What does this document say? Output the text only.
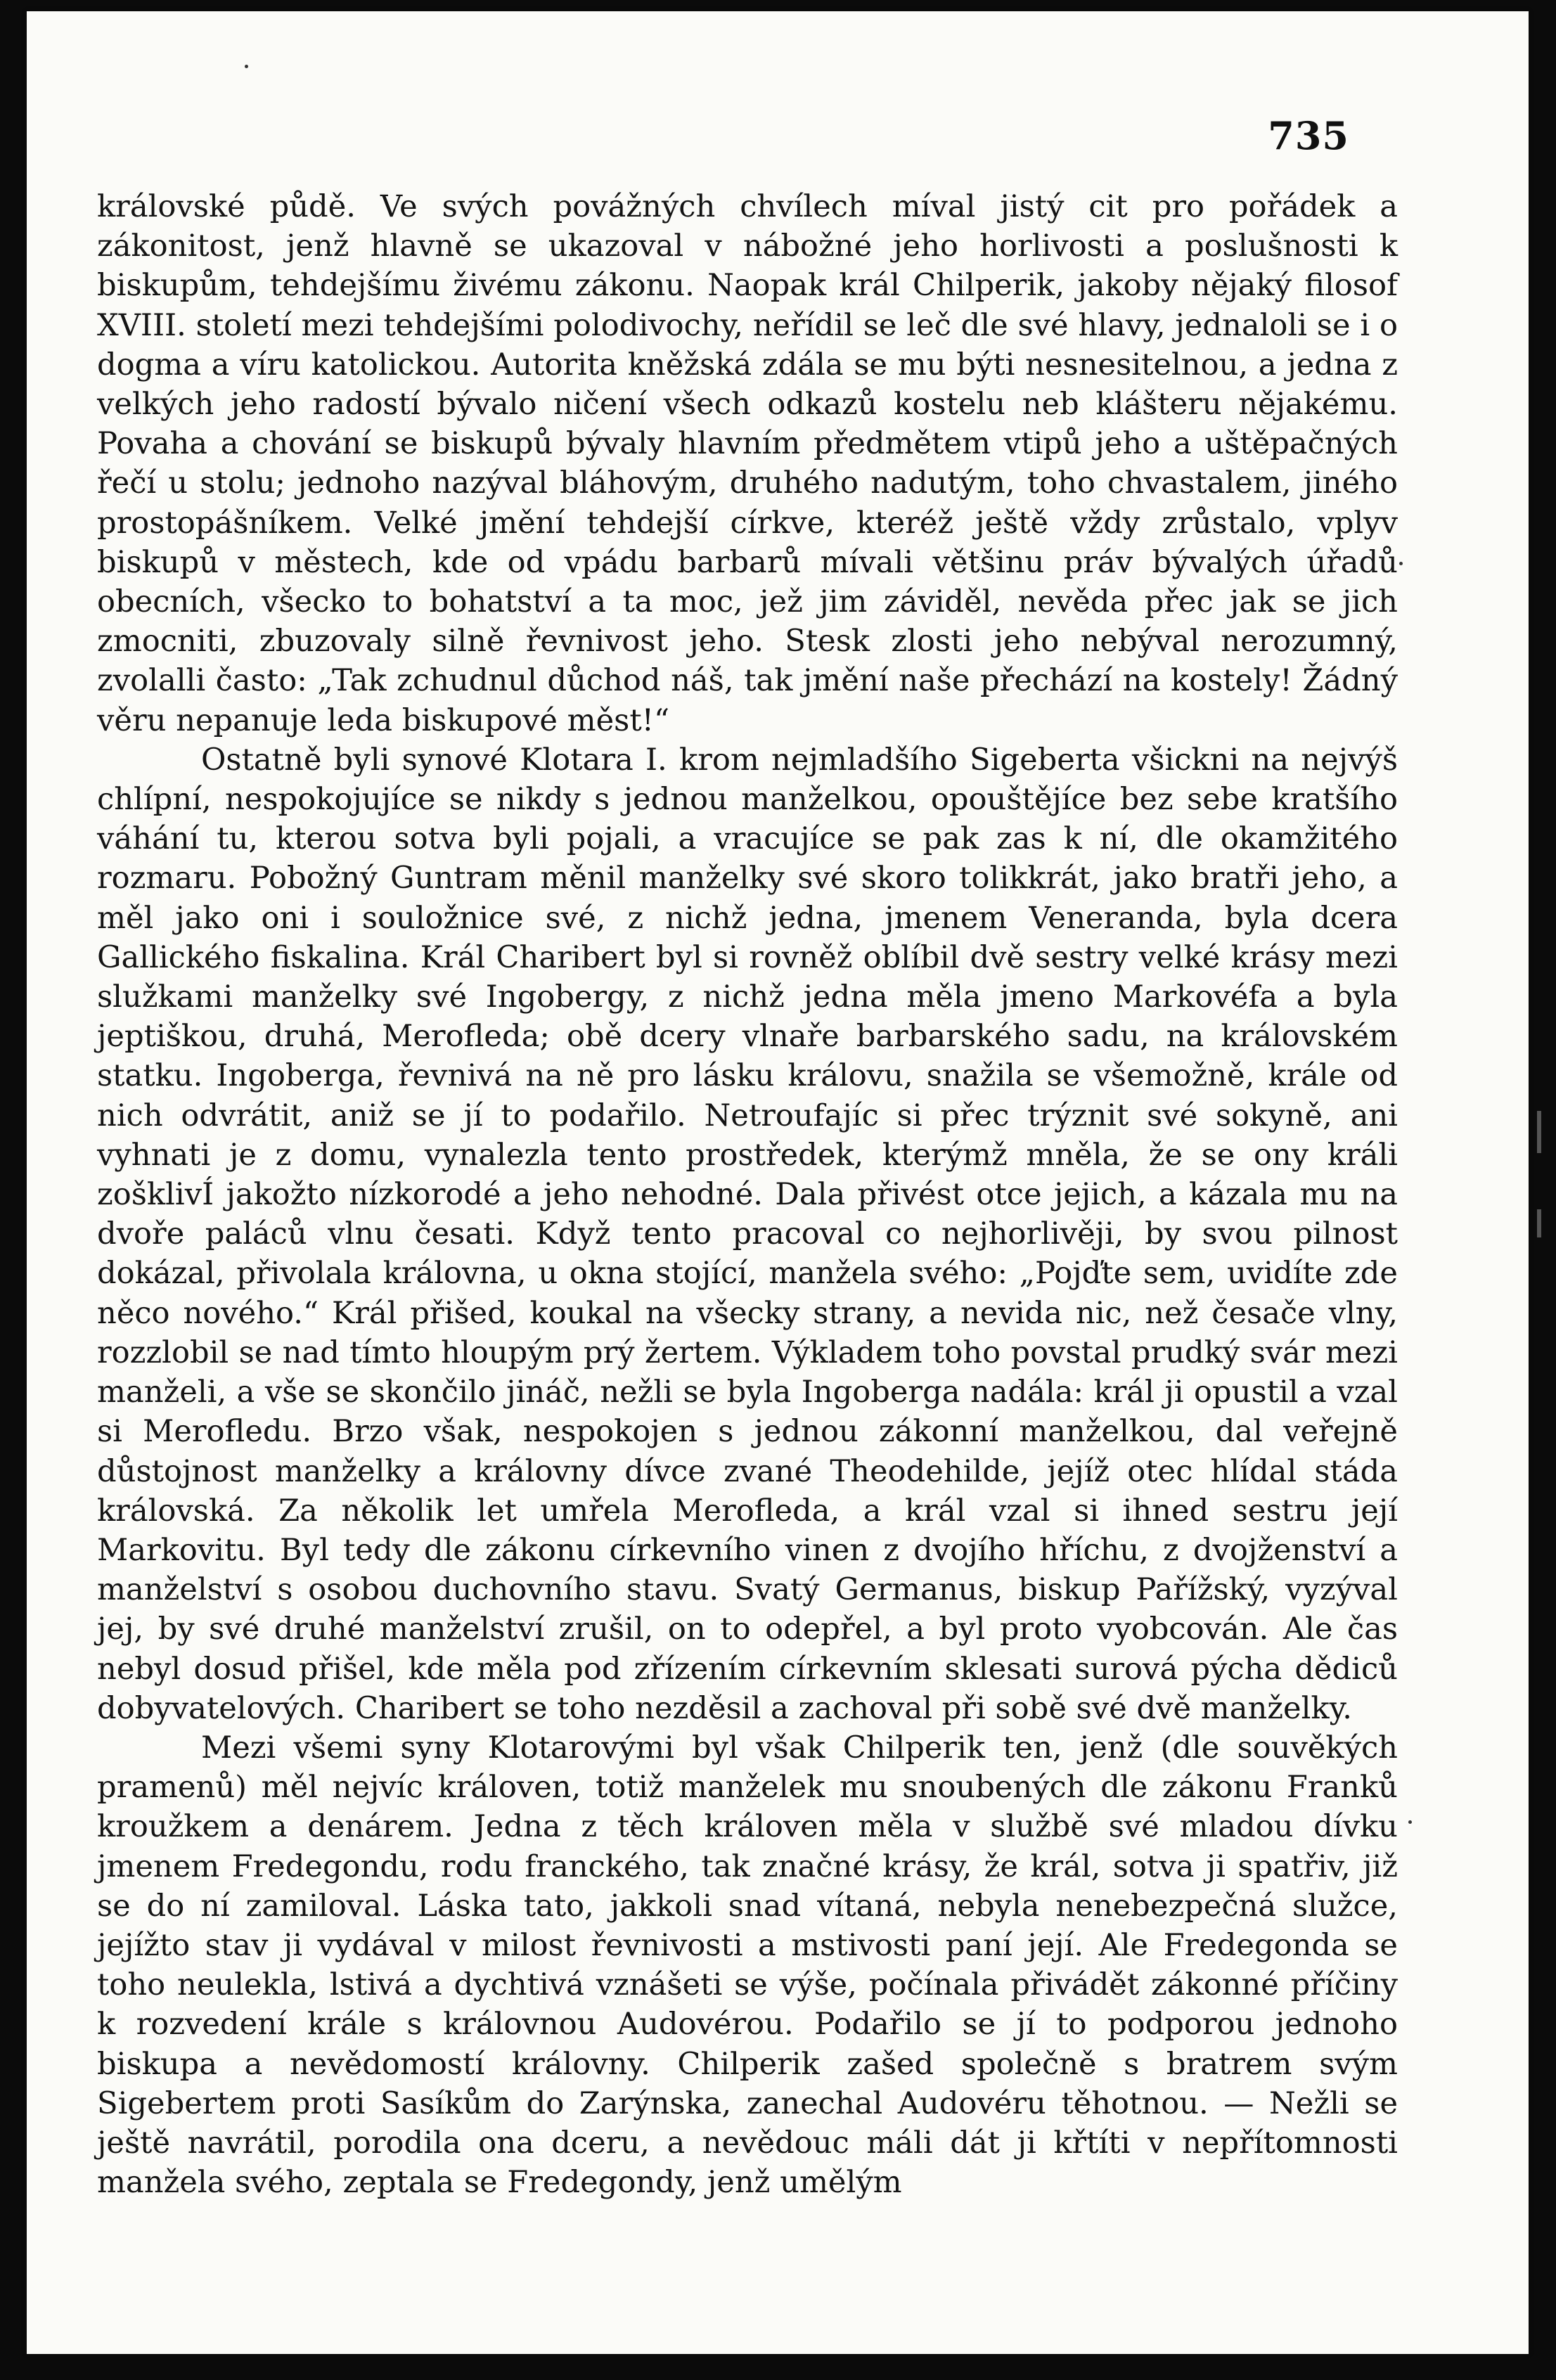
735

královské půdě. Ve svých povážných chvílech míval jistý cit pro pořádek a zákonitost, jenž hlavně se ukazoval v nábožné jeho horlivosti a poslušnosti k biskupům, tehdejšímu živému zákonu. Naopak král Chilperik, jakoby nějaký filosof XVIII. století mezi tehdejšími polodivochy, neřídil se leč dle své hlavy, jednaloli se i o dogma a víru katolickou. Autorita kněžská zdála se mu býti nesnesitelnou, a jedna z velkých jeho radostí bývalo ničení všech odkazů kostelu neb klášteru nějakému. Povaha a chování se biskupů bývaly hlavním předmětem vtipů jeho a uštěpačných řečí u stolu; jednoho nazýval bláhovým, druhého nadutým, toho chvastalem, jiného prostopášníkem. Velké jmění tehdejší církve, kteréž ještě vždy zrůstalo, vplyv biskupů v městech, kde od vpádu barbarů mívali většinu práv bývalých úřadů obecních, všecko to bohatství a ta moc, jež jim záviděl, nevěda přec jak se jich zmocniti, zbuzovaly silně řevnivost jeho. Stesk zlosti jeho nebýval nerozumný, zvolalli často: „Tak zchudnul důchod náš, tak jmění naše přechází na kostely! Žádný věru nepanuje leda biskupové měst!“

Ostatně byli synové Klotara I. krom nejmladšího Sigeberta všickni na nejvýš chlípní, nespokojujíce se nikdy s jednou manželkou, opouštějíce bez sebe kratšího váhání tu, kterou sotva byli pojali, a vracujíce se pak zas k ní, dle okamžitého rozmaru. Pobožný Guntram měnil manželky své skoro tolikkrát, jako bratři jeho, a měl jako oni i souložnice své, z nichž jedna, jmenem Veneranda, byla dcera Gallického fiskalina. Král Charibert byl si rovněž oblíbil dvě sestry velké krásy mezi služkami manželky své Ingobergy, z nichž jedna měla jmeno Markovéfa a byla jeptiškou, druhá, Merofleda; obě dcery vlnaře barbarského sadu, na královském statku. Ingoberga, řevnivá na ně pro lásku královu, snažila se všemožně, krále od nich odvrátit, aniž se jí to podařilo. Netroufajíc si přec trýznit své sokyně, ani vyhnati je z domu, vynalezla tento prostředek, kterýmž mněla, že se ony králi zošklivÍ jakožto nízkorodé a jeho nehodné. Dala přivést otce jejich, a kázala mu na dvoře paláců vlnu česati. Když tento pracoval co nejhorlivěji, by svou pilnost dokázal, přivolala královna, u okna stojící, manžela svého: „Pojďte sem, uvidíte zde něco nového.“ Král přišed, koukal na všecky strany, a nevida nic, než česače vlny, rozzlobil se nad tímto hloupým prý žertem. Výkladem toho povstal prudký svár mezi manželi, a vše se skončilo jináč, nežli se byla Ingoberga nadála: král ji opustil a vzal si Merofledu. Brzo však, nespokojen s jednou zákonní manželkou, dal veřejně důstojnost manželky a královny dívce zvané Theodehilde, jejíž otec hlídal stáda královská. Za několik let umřela Merofleda, a král vzal si ihned sestru její Markovitu. Byl tedy dle zákonu církevního vinen z dvojího hříchu, z dvojženství a manželství s osobou duchovního stavu. Svatý Germanus, biskup Pařížský, vyzýval jej, by své druhé manželství zrušil, on to odepřel, a byl proto vyobcován. Ale čas nebyl dosud přišel, kde měla pod zřízením církevním sklesati surová pýcha dědiců dobyvatelových. Charibert se toho nezděsil a zachoval při sobě své dvě manželky.

Mezi všemi syny Klotarovými byl však Chilperik ten, jenž (dle souvěkých pramenů) měl nejvíc královen, totiž manželek mu snoubených dle zákonu Franků kroužkem a denárem. Jedna z těch královen měla v službě své mladou dívku jmenem Fredegondu, rodu franckého, tak značné krásy, že král, sotva ji spatřiv, již se do ní zamiloval. Láska tato, jakkoli snad vítaná, nebyla nenebezpečná služce, jejížto stav ji vydával v milost řevnivosti a mstivosti paní její. Ale Fredegonda se toho neulekla, lstivá a dychtivá vznášeti se výše, počínala přivádět zákonné příčiny k rozvedení krále s královnou Audovérou. Podařilo se jí to podporou jednoho biskupa a nevědomostí královny. Chilperik zašed společně s bratrem svým Sigebertem proti Sasíkům do Zarýnska, zanechal Audovéru těhotnou. — Nežli se ještě navrátil, porodila ona dceru, a nevědouc máli dát ji křtíti v nepřítomnosti manžela svého, zeptala se Fredegondy, jenž umělým
